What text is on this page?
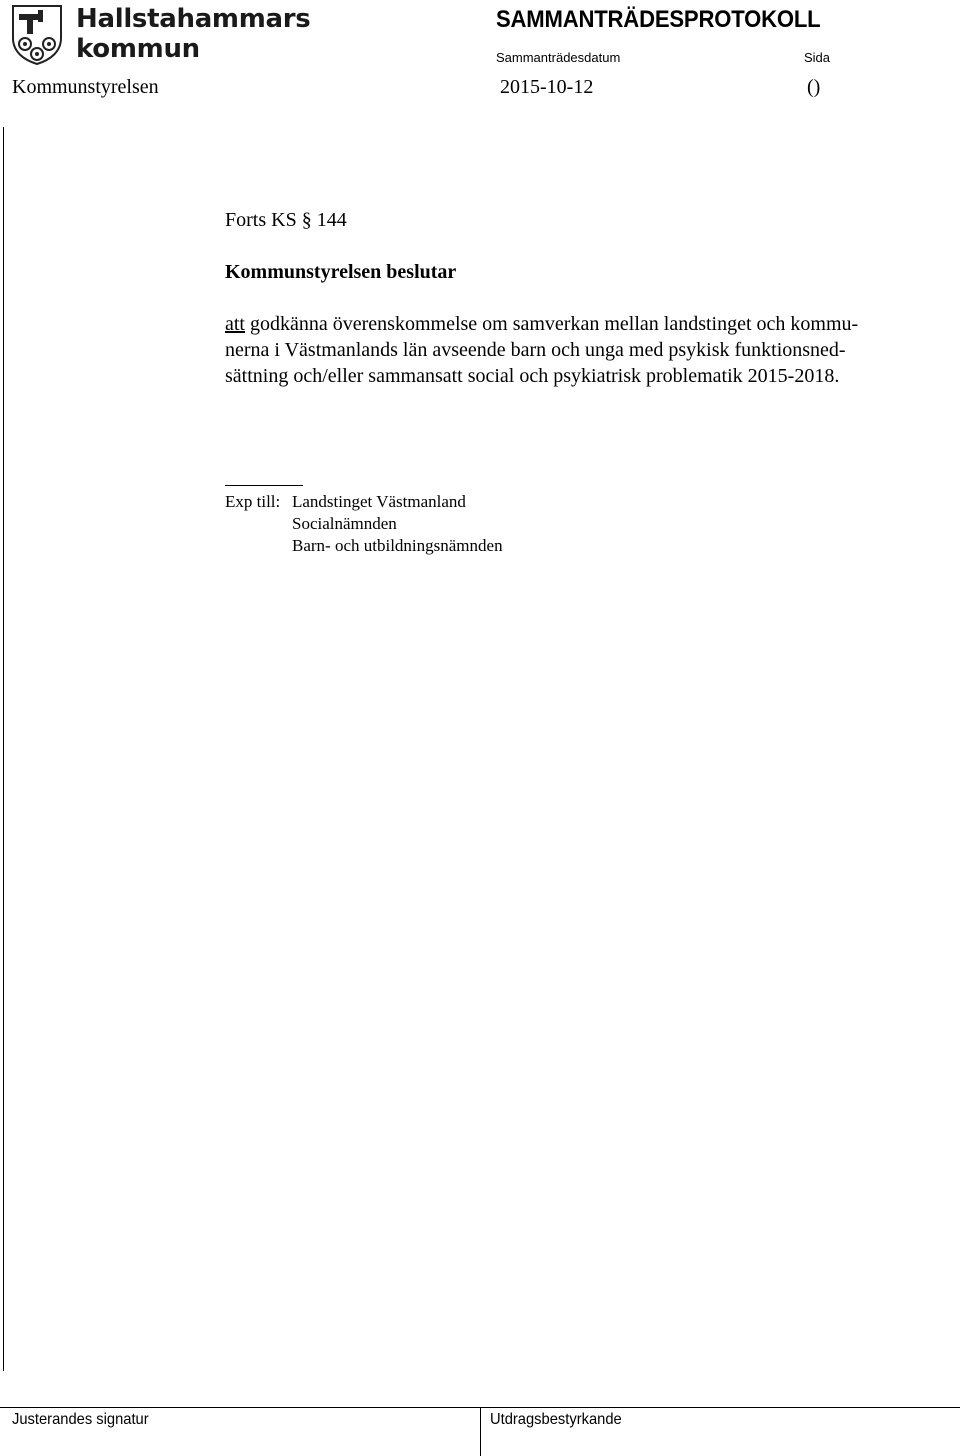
Hallstahammars
kommun
SAMMANTRÄDESPROTOKOLL
Sammanträdesdatum	Sida
Kommunstyrelsen	2015-10-12	()
Forts KS § 144
Kommunstyrelsen beslutar
att godkänna överenskommelse om samverkan mellan landstinget och kommu-
nerna i Västmanlands län avseende barn och unga med psykisk funktionsned-
sättning och/eller sammansatt social och psykiatrisk problematik 2015-2018.
Exp till: Landstinget Västmanland
Socialnämnden
Barn- och utbildningsnämnden
Justerandes signatur	Utdragsbestyrkande
